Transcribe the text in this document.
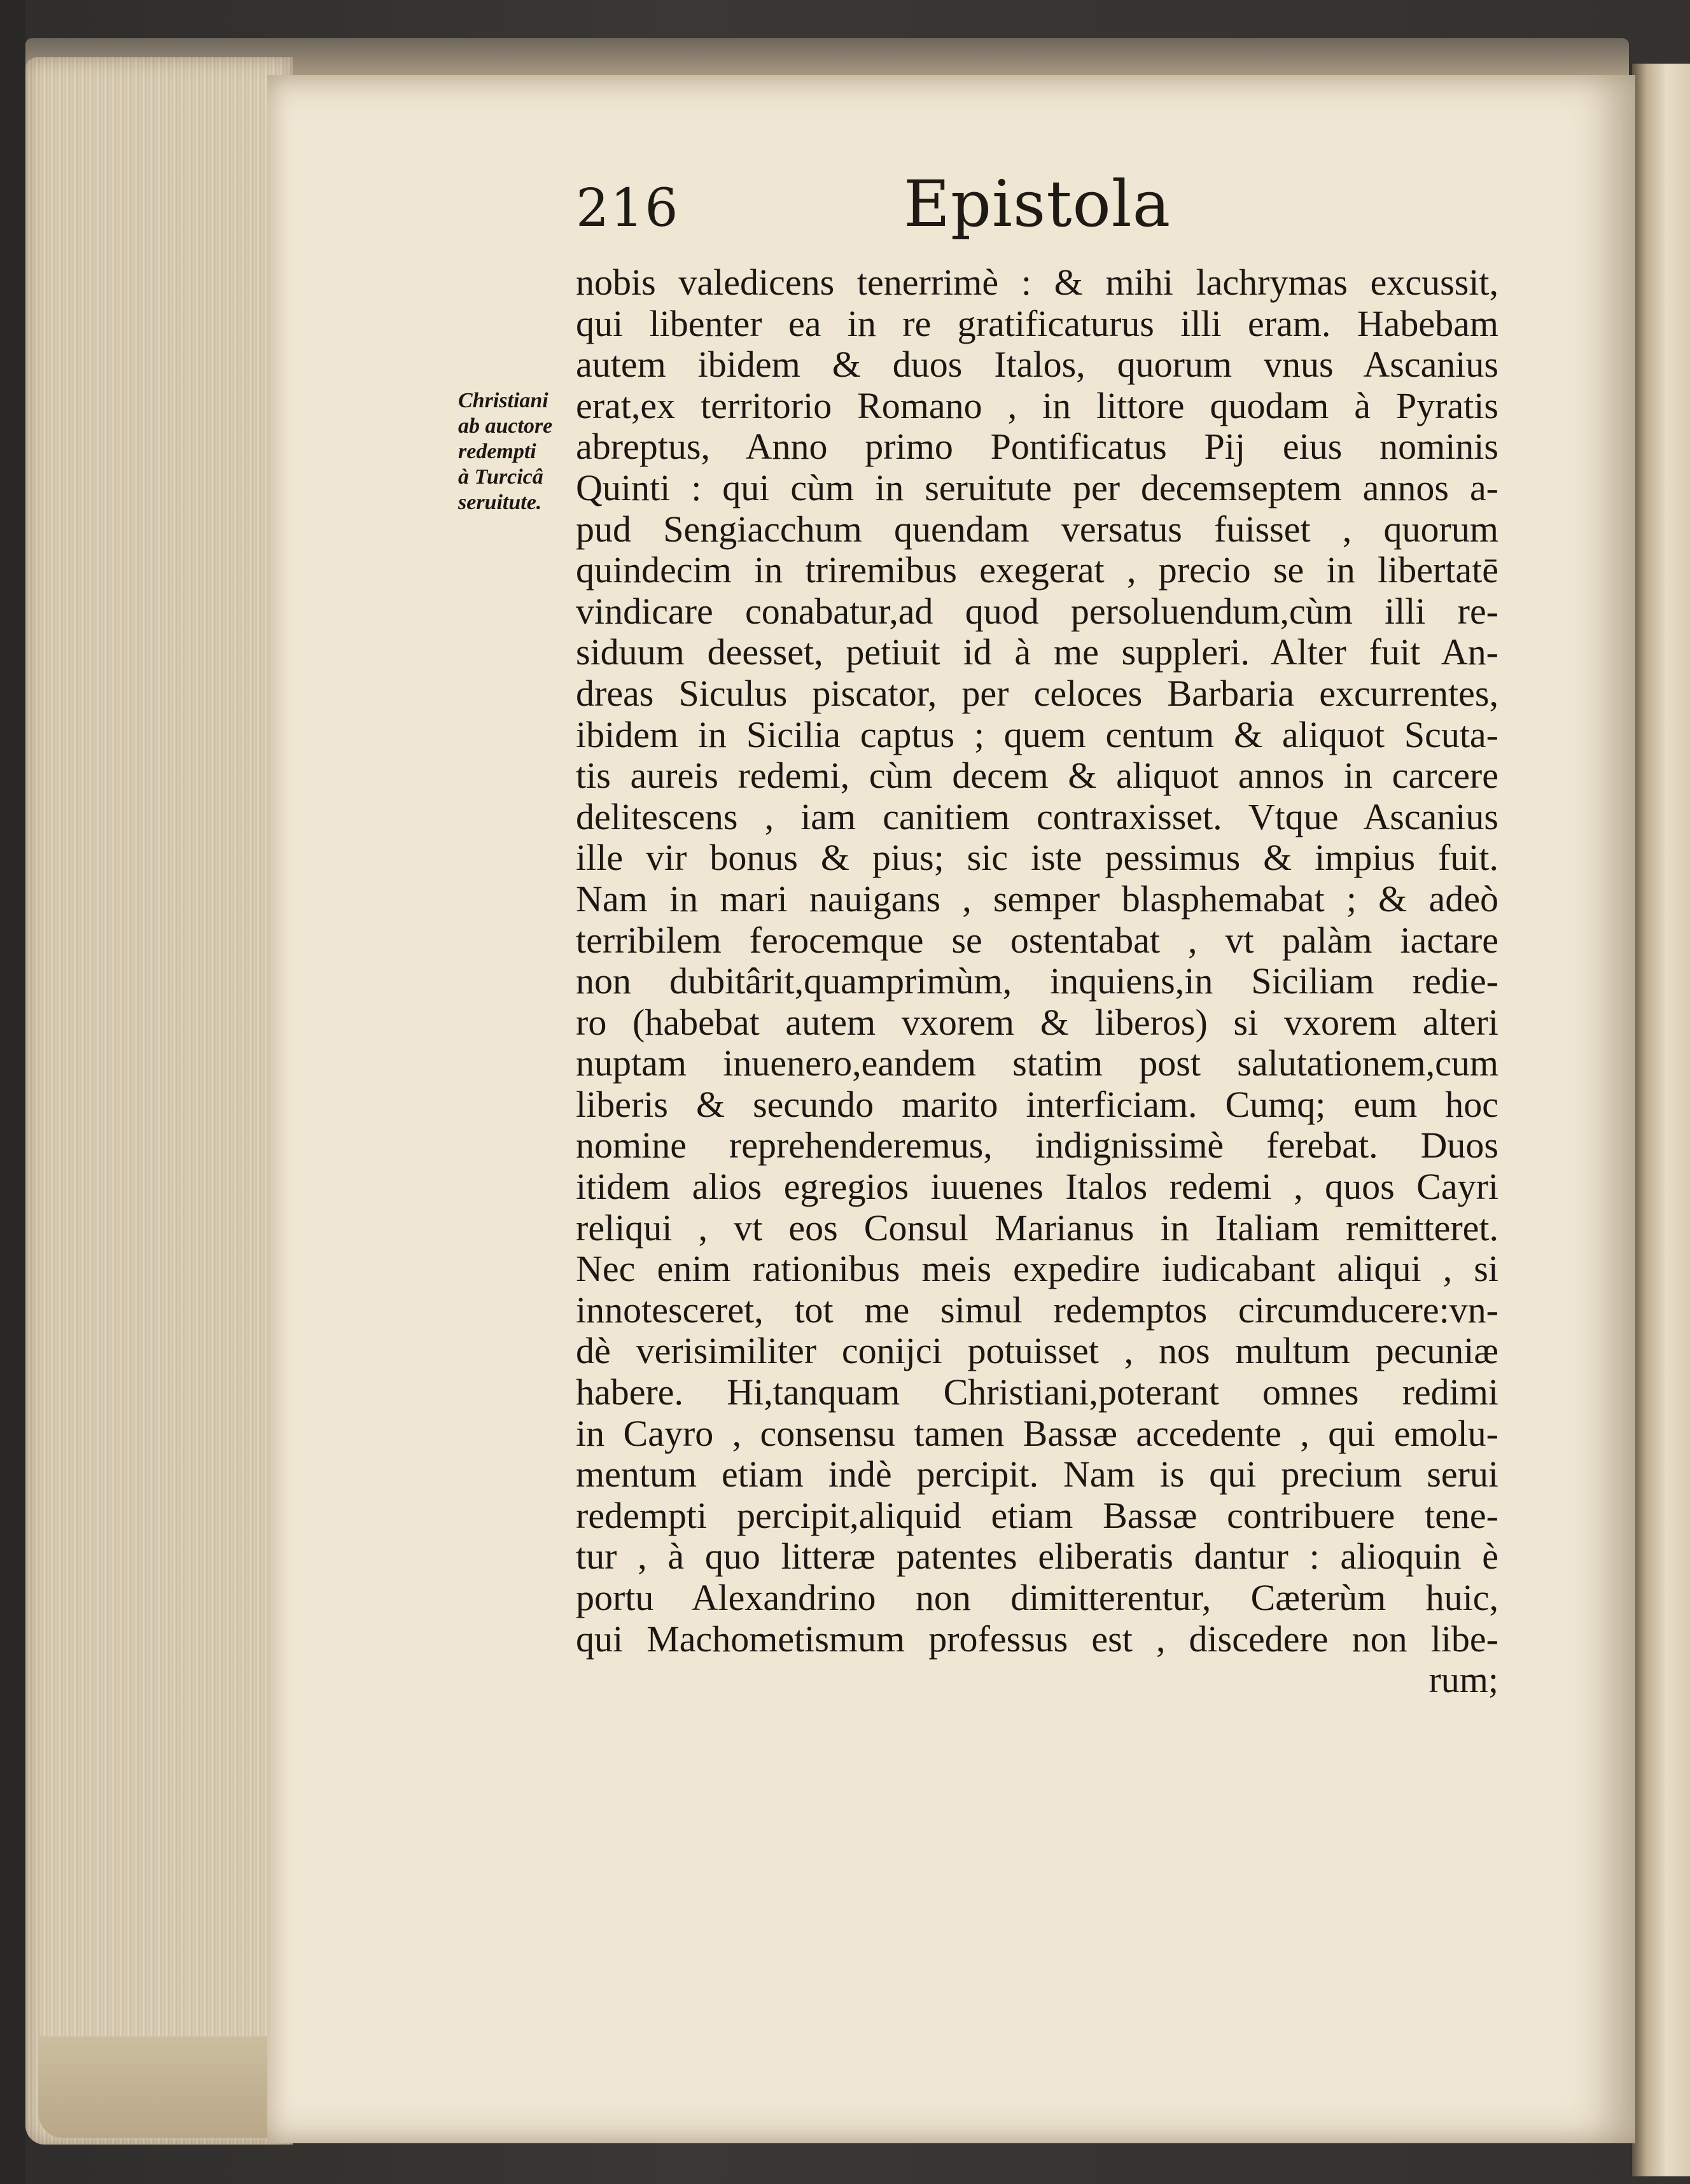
216	Epistola
Christiani
ab auctore
redempti
à Turcicâ
seruitute.
nobis valedicens tenerrimè : & mihi lachrymas excussit,
qui libenter ea in re gratificaturus illi eram. Habebam
autem ibidem & duos Italos, quorum vnus Ascanius
erat,ex territorio Romano , in littore quodam à Pyratis
abreptus, Anno primo Pontificatus Pij eius nominis
Quinti : qui cùm in seruitute per decemseptem annos a-
pud Sengiacchum quendam versatus fuisset , quorum
quindecim in triremibus exegerat , precio se in libertatē
vindicare conabatur,ad quod persoluendum,cùm illi re-
siduum deesset, petiuit id à me suppleri. Alter fuit An-
dreas Siculus piscator, per celoces Barbaria excurrentes,
ibidem in Sicilia captus ; quem centum & aliquot Scuta-
tis aureis redemi, cùm decem & aliquot annos in carcere
delitescens , iam canitiem contraxisset. Vtque Ascanius
ille vir bonus & pius; sic iste pessimus & impius fuit.
Nam in mari nauigans , semper blasphemabat ; & adeò
terribilem ferocemque se ostentabat , vt palàm iactare
non dubitârit,quamprimùm, inquiens,in Siciliam redie-
ro (habebat autem vxorem & liberos) si vxorem alteri
nuptam inuenero,eandem statim post salutationem,cum
liberis & secundo marito interficiam. Cumq; eum hoc
nomine reprehenderemus, indignissimè ferebat. Duos
itidem alios egregios iuuenes Italos redemi , quos Cayri
reliqui , vt eos Consul Marianus in Italiam remitteret.
Nec enim rationibus meis expedire iudicabant aliqui , si
innotesceret, tot me simul redemptos circumducere:vn-
dè verisimiliter conijci potuisset , nos multum pecuniæ
habere. Hi,tanquam Christiani,poterant omnes redimi
in Cayro , consensu tamen Bassæ accedente , qui emolu-
mentum etiam indè percipit. Nam is qui precium serui
redempti percipit,aliquid etiam Bassæ contribuere tene-
tur , à quo litteræ patentes eliberatis dantur : alioquin è
portu Alexandrino non dimitterentur, Cæterùm huic,
qui Machometismum professus est , discedere non libe-
rum;
